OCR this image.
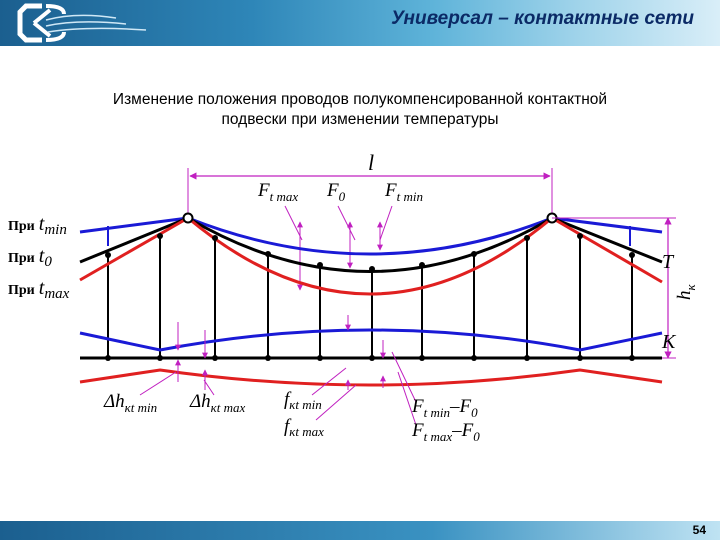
Универсал – контактные сети
Изменение положения проводов полукомпенсированной контактной
подвески при изменении температуры
l
$F_{t max}$ $F_0$ $F_{t min}$
При tmin
При t0
При tmax	$h_к$
T
K
$\Delta h_кt$ $\min \Delta h_кt$ $\max f_кt$ min
$f_кt$ max
$F_{t min}-F_0$
$F_{t max}-F_0$
54
